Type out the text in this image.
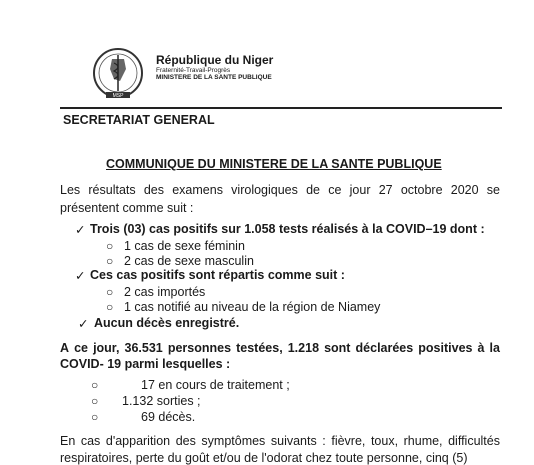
MSP
République du Niger
Fraternité-Travail-Progrès
MINISTERE DE LA SANTE PUBLIQUE
SECRETARIAT GENERAL
COMMUNIQUE DU MINISTERE DE LA SANTE PUBLIQUE
Les résultats des examens virologiques de ce jour 27 octobre 2020 se
présentent comme suit :
✓ Trois (03) cas positifs sur 1.058 tests réalisés à la COVID–19 dont :
○ 1 cas de sexe féminin
○ 2 cas de sexe masculin
✓ Ces cas positifs sont répartis comme suit :
○ 2 cas importés
○ 1 cas notifié au niveau de la région de Niamey
✓ Aucun décès enregistré.
A ce jour, 36.531 personnes testées, 1.218 sont déclarées positives à la
COVID- 19 parmi lesquelles :
○	17 en cours de traitement ;
○ 1.132 sorties ;
○	69 décès.
En cas d'apparition des symptômes suivants : fièvre, toux, rhume, difficultés
respiratoires, perte du goût et/ou de l'odorat chez toute personne, cinq (5)
